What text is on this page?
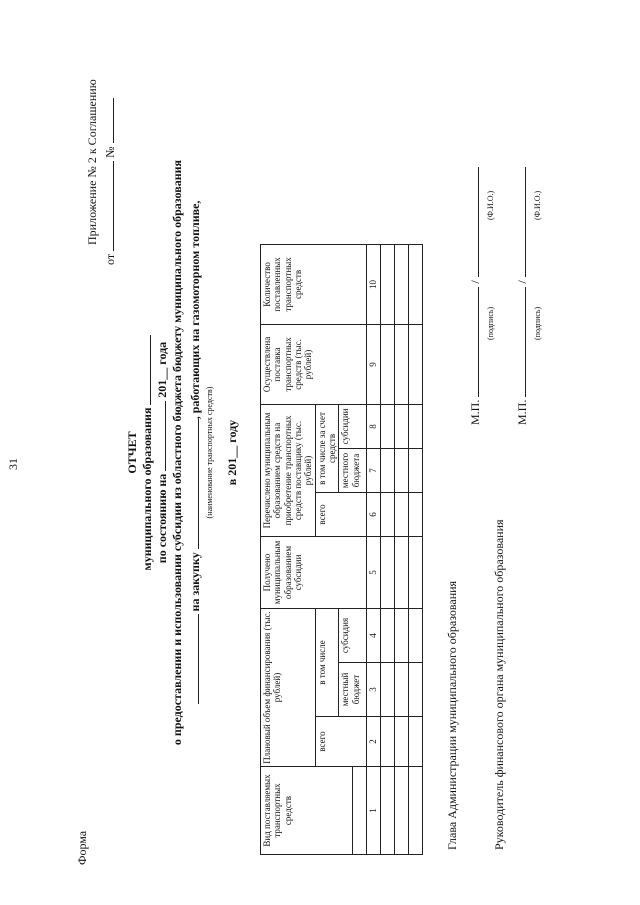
31
Форма
Приложение № 2 к Соглашению
от  №
ОТЧЕТ муниципального образования по состоянию на  201__ года о предоставлении и использовании субсидии из областного бюджета бюджету муниципального образования на закупку , работающих на газомоторном топливе,
(наименование транспортных средств) в 201__ году
Вид поставляемых транспортных средств	Плановый объем финансирования (тыс. рублей)			Получено муниципальным образованием субсидии	Перечислено муниципальным образованием средств на приобретение транспортных средств поставщику (тыс. рублей)			Осуществлена поставка транспортных средств (тыс. рублей)	Количество поставленных транспортных средств
	всего	в том числе			всего	в том числе за счет средств			
		местный бюджет	субсидия			местного бюджета	субсидии		

1	2	3	4	5	6	7	8	9	10

Глава Администрации муниципального образования
М.П.  /
(подпись)
(Ф.И.О.)
Руководитель финансового органа муниципального образования
М.П.  /
(подпись)
(Ф.И.О.)
